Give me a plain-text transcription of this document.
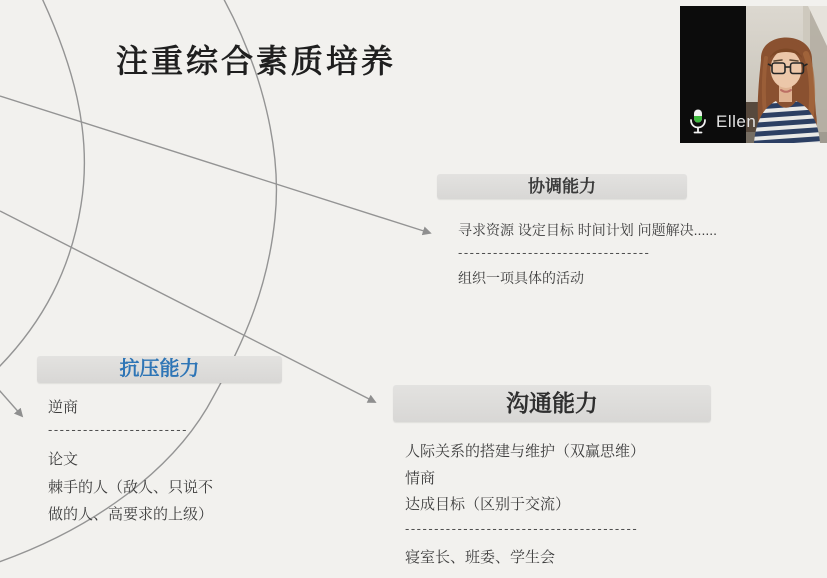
注重综合素质培养
协调能力
寻求资源 设定目标 时间计划 问题解决......
---------------------------------
组织一项具体的活动
抗压能力
逆商
------------------------
论文
棘手的人（敌人、只说不
做的人、高要求的上级）
沟通能力
人际关系的搭建与维护（双赢思维）
情商
达成目标（区别于交流）
----------------------------------------
寝室长、班委、学生会
Ellen
